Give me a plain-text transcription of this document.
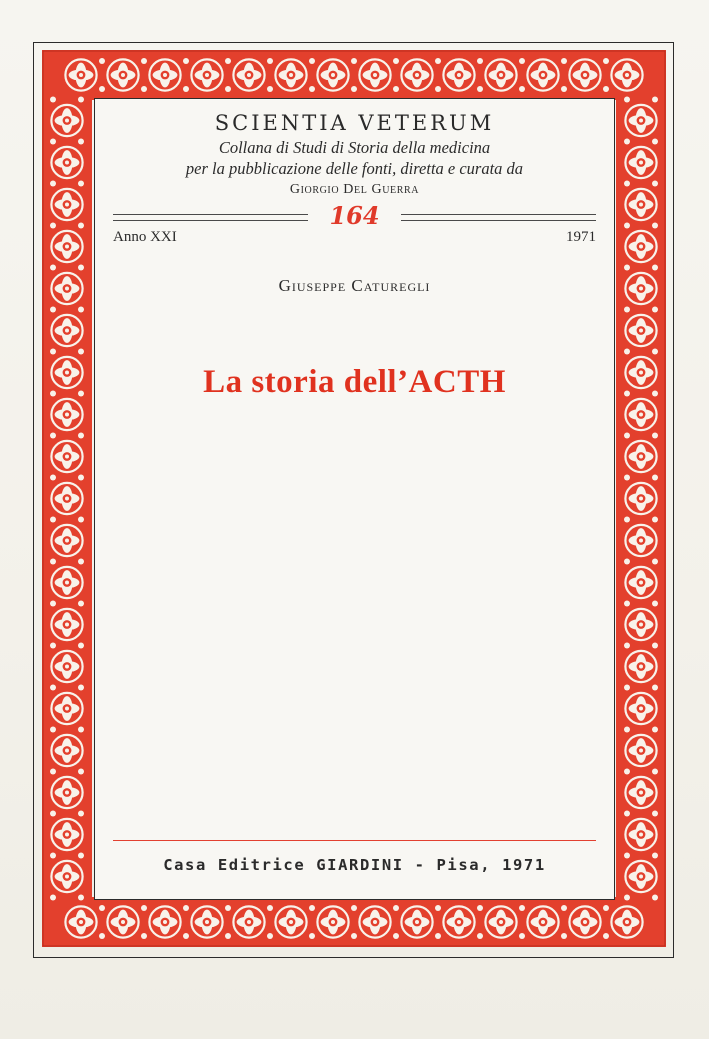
SCIENTIA VETERUM
Collana di Studi di Storia della medicina
per la pubblicazione delle fonti, diretta e curata da
Giorgio Del Guerra
164
Anno XXI	1971
Giuseppe Caturegli
La storia dell’ACTH
Casa Editrice GIARDINI - Pisa, 1971
